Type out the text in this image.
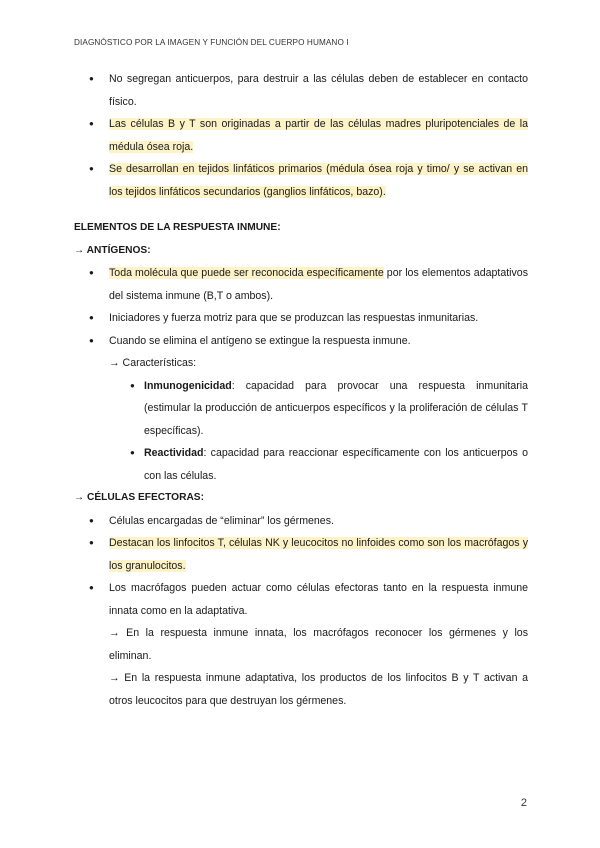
DIAGNÓSTICO POR LA IMAGEN Y FUNCIÓN DEL CUERPO HUMANO I
● No segregan anticuerpos, para destruir a las células deben de establecer en contacto físico.
● Las células B y T son originadas a partir de las células madres pluripotenciales de la médula ósea roja.
● Se desarrollan en tejidos linfáticos primarios (médula ósea roja y timo/ y se activan en los tejidos linfáticos secundarios (ganglios linfáticos, bazo).
ELEMENTOS DE LA RESPUESTA INMUNE:
→ ANTÍGENOS:
● Toda molécula que puede ser reconocida específicamente por los elementos adaptativos del sistema inmune (B,T o ambos).
● Iniciadores y fuerza motriz para que se produzcan las respuestas inmunitarias.
● Cuando se elimina el antígeno se extingue la respuesta inmune.
→ Características:
● Inmunogenicidad: capacidad para provocar una respuesta inmunitaria (estimular la producción de anticuerpos específicos y la proliferación de células T específicas).
● Reactividad: capacidad para reaccionar específicamente con los anticuerpos o con las células.
→ CÉLULAS EFECTORAS:
● Células encargadas de “eliminar” los gérmenes.
● Destacan los linfocitos T, células NK y leucocitos no linfoides como son los macrófagos y los granulocitos.
● Los macrófagos pueden actuar como células efectoras tanto en la respuesta inmune innata como en la adaptativa.
→ En la respuesta inmune innata, los macrófagos reconocer los gérmenes y los eliminan.
→ En la respuesta inmune adaptativa, los productos de los linfocitos B y T activan a otros leucocitos para que destruyan los gérmenes.
2
